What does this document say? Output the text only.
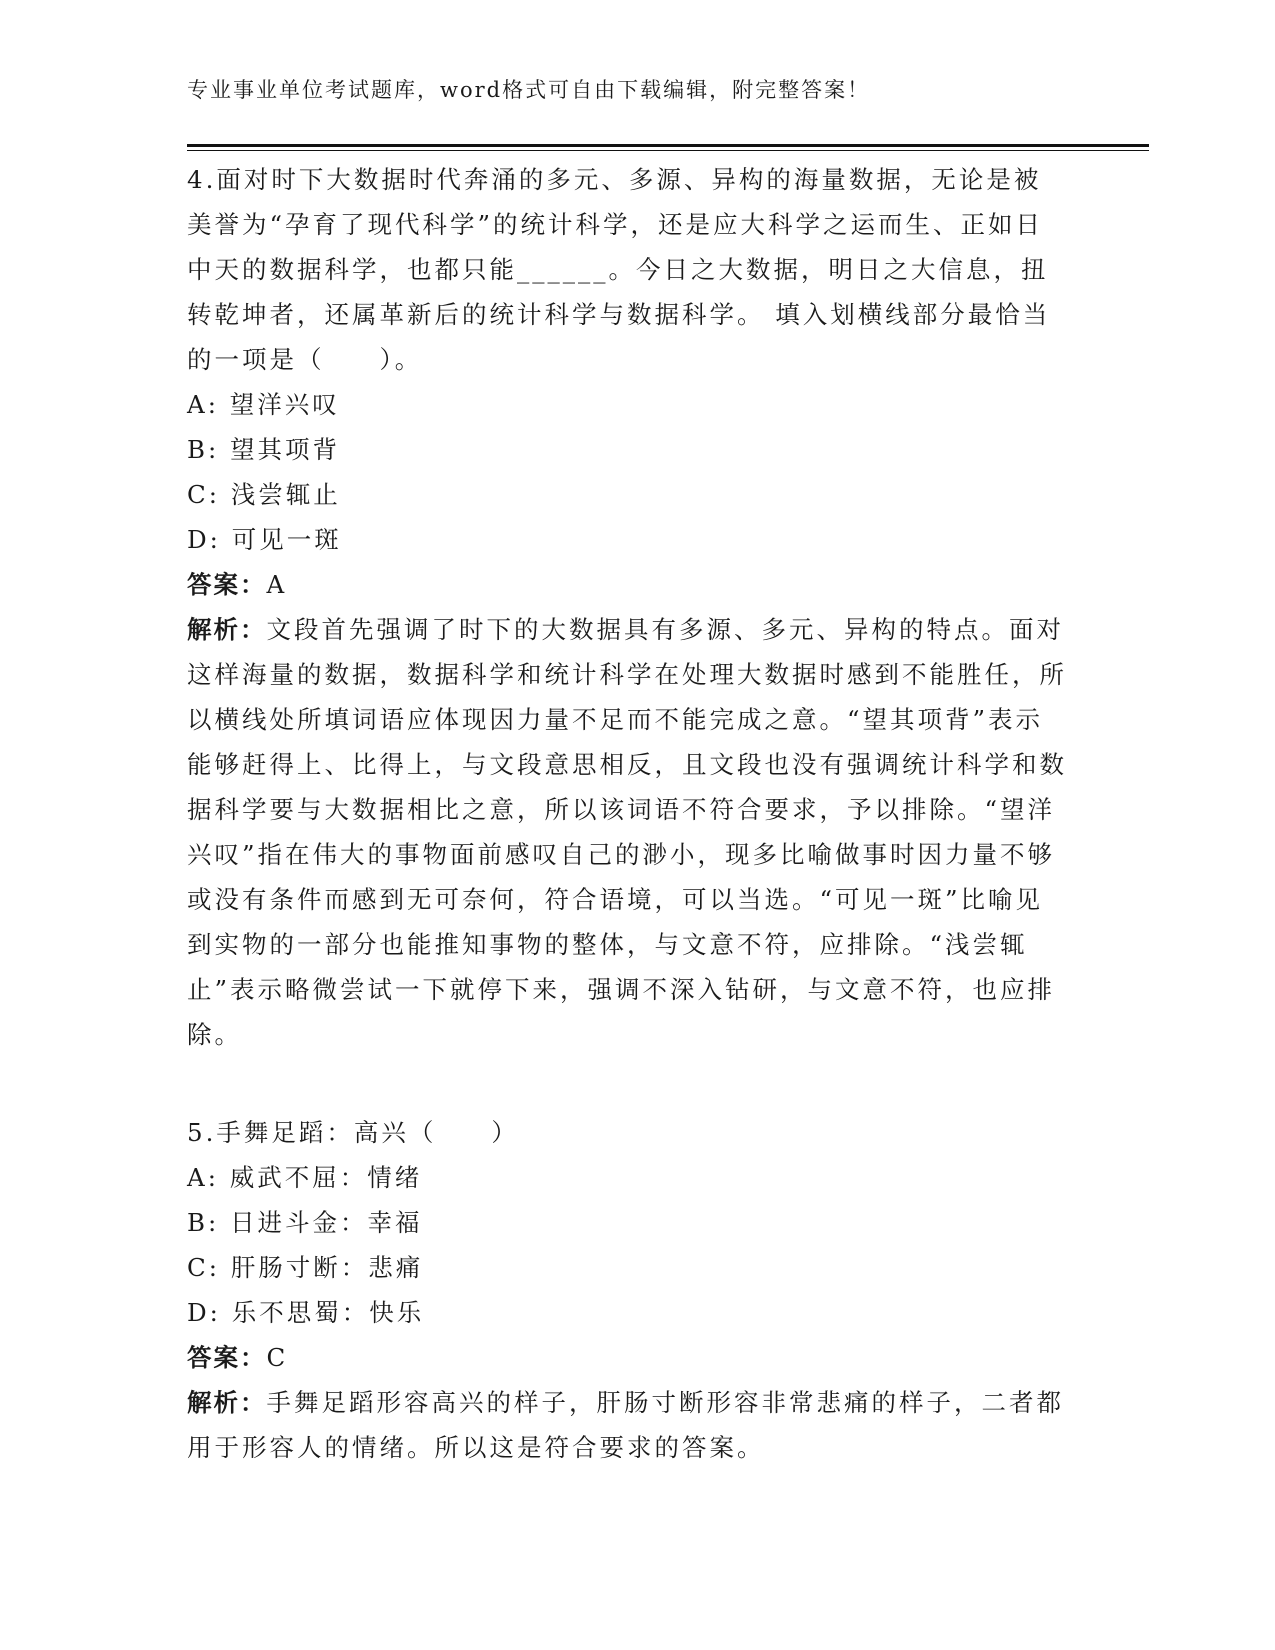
专业事业单位考试题库，word格式可自由下载编辑，附完整答案！

4.面对时下大数据时代奔涌的多元、多源、异构的海量数据，无论是被美誉为“孕育了现代科学”的统计科学，还是应大科学之运而生、正如日中天的数据科学，也都只能______。今日之大数据，明日之大信息，扭转乾坤者，还属革新后的统计科学与数据科学。 填入划横线部分最恰当的一项是（　　）。

A: 望洋兴叹

B: 望其项背

C: 浅尝辄止

D: 可见一斑

答案：A

解析：文段首先强调了时下的大数据具有多源、多元、异构的特点。面对这样海量的数据，数据科学和统计科学在处理大数据时感到不能胜任，所以横线处所填词语应体现因力量不足而不能完成之意。“望其项背”表示能够赶得上、比得上，与文段意思相反，且文段也没有强调统计科学和数据科学要与大数据相比之意，所以该词语不符合要求，予以排除。“望洋兴叹”指在伟大的事物面前感叹自己的渺小，现多比喻做事时因力量不够或没有条件而感到无可奈何，符合语境，可以当选。“可见一斑”比喻见到实物的一部分也能推知事物的整体，与文意不符，应排除。“浅尝辄止”表示略微尝试一下就停下来，强调不深入钻研，与文意不符，也应排除。

5.手舞足蹈：高兴（　　）

A: 威武不屈：情绪

B: 日进斗金：幸福

C: 肝肠寸断：悲痛

D: 乐不思蜀：快乐

答案：C

解析：手舞足蹈形容高兴的样子，肝肠寸断形容非常悲痛的样子，二者都用于形容人的情绪。所以这是符合要求的答案。
